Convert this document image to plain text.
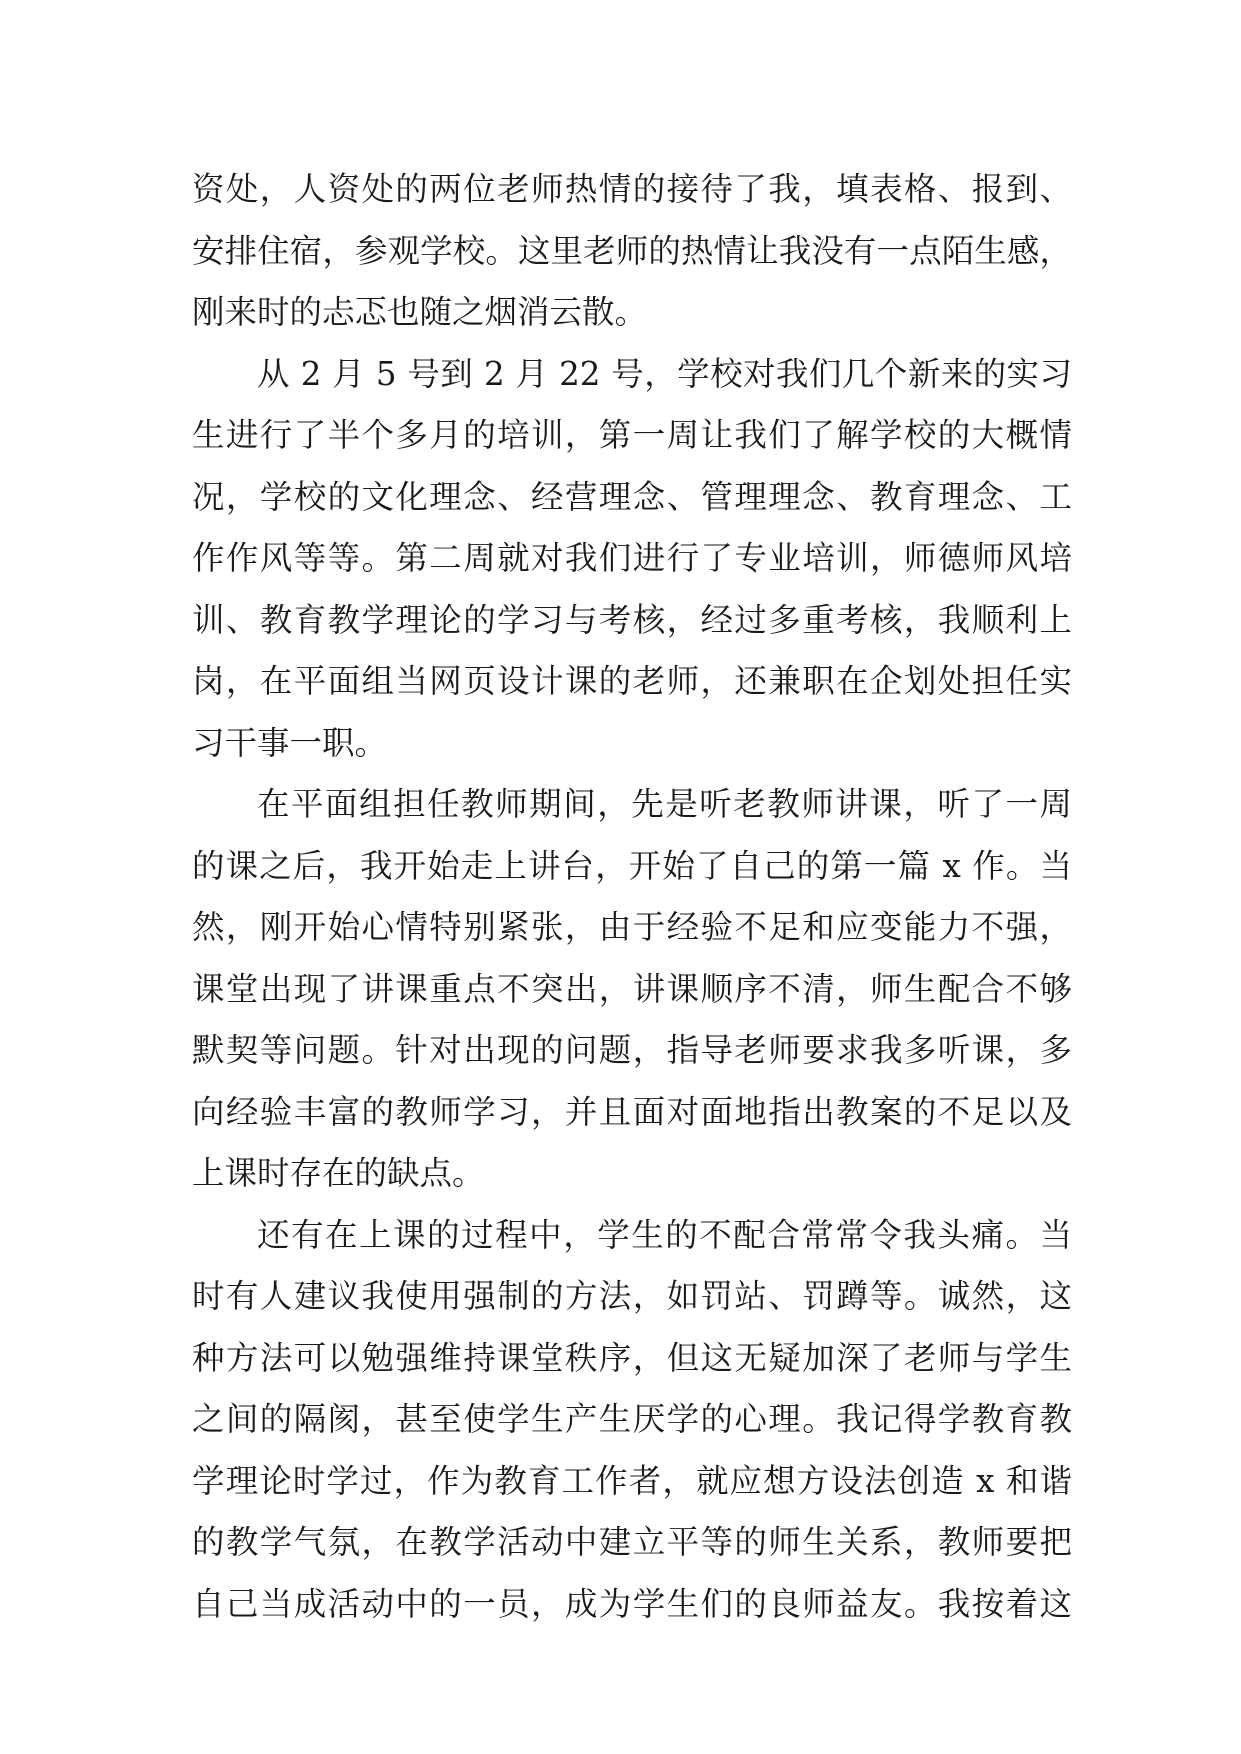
资处，人资处的两位老师热情的接待了我，填表格、报到、
安排住宿，参观学校。这里老师的热情让我没有一点陌生感，
刚来时的忐忑也随之烟消云散。
从 2 月 5 号到 2 月 22 号，学校对我们几个新来的实习
生进行了半个多月的培训，第一周让我们了解学校的大概情
况，学校的文化理念、经营理念、管理理念、教育理念、工
作作风等等。第二周就对我们进行了专业培训，师德师风培
训、教育教学理论的学习与考核，经过多重考核，我顺利上
岗，在平面组当网页设计课的老师，还兼职在企划处担任实
习干事一职。
在平面组担任教师期间，先是听老教师讲课，听了一周
的课之后，我开始走上讲台，开始了自己的第一篇 x 作。当
然，刚开始心情特别紧张，由于经验不足和应变能力不强，
课堂出现了讲课重点不突出，讲课顺序不清，师生配合不够
默契等问题。针对出现的问题，指导老师要求我多听课，多
向经验丰富的教师学习，并且面对面地指出教案的不足以及
上课时存在的缺点。
还有在上课的过程中，学生的不配合常常令我头痛。当
时有人建议我使用强制的方法，如罚站、罚蹲等。诚然，这
种方法可以勉强维持课堂秩序，但这无疑加深了老师与学生
之间的隔阂，甚至使学生产生厌学的心理。我记得学教育教
学理论时学过，作为教育工作者，就应想方设法创造 x 和谐
的教学气氛，在教学活动中建立平等的师生关系，教师要把
自己当成活动中的一员，成为学生们的良师益友。我按着这
